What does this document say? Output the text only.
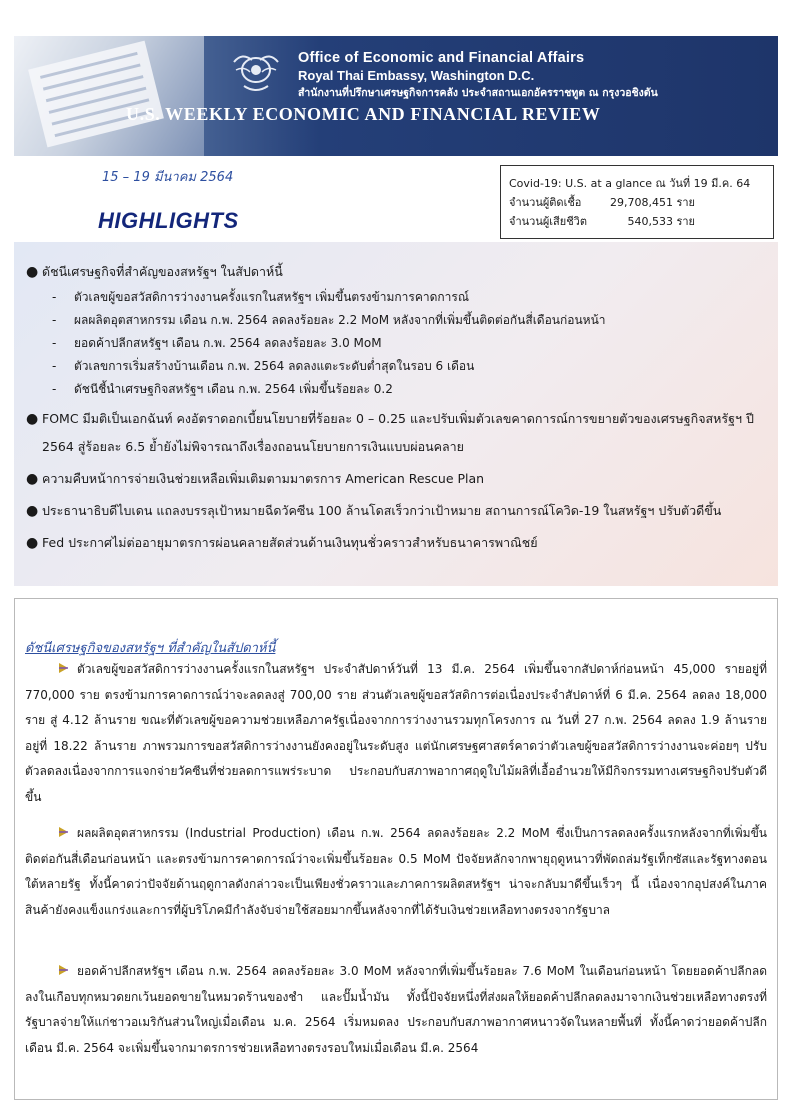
Office of Economic and Financial Affairs
Royal Thai Embassy, Washington D.C.
สำนักงานที่ปรึกษาเศรษฐกิจการคลัง ประจำสถานเอกอัครราชทูต ณ กรุงวอชิงตัน
U.S. WEEKLY ECONOMIC AND FINANCIAL REVIEW
15 – 19 มีนาคม 2564
HIGHLIGHTS
Covid-19: U.S. at a glance ณ วันที่ 19 มี.ค. 64
จำนวนผู้ติดเชื้อ	29,708,451 ราย
จำนวนผู้เสียชีวิต	540,533 ราย
● ดัชนีเศรษฐกิจที่สำคัญของสหรัฐฯ ในสัปดาห์นี้
- ตัวเลขผู้ขอสวัสดิการว่างงานครั้งแรกในสหรัฐฯ เพิ่มขึ้นตรงข้ามการคาดการณ์
- ผลผลิตอุตสาหกรรม เดือน ก.พ. 2564 ลดลงร้อยละ 2.2 MoM หลังจากที่เพิ่มขึ้นติดต่อกันสี่เดือนก่อนหน้า
- ยอดค้าปลีกสหรัฐฯ เดือน ก.พ. 2564 ลดลงร้อยละ 3.0 MoM
- ตัวเลขการเริ่มสร้างบ้านเดือน ก.พ. 2564 ลดลงแตะระดับต่ำสุดในรอบ 6 เดือน
- ดัชนีชี้นำเศรษฐกิจสหรัฐฯ เดือน ก.พ. 2564 เพิ่มขึ้นร้อยละ 0.2
● FOMC มีมติเป็นเอกฉันท์ คงอัตราดอกเบี้ยนโยบายที่ร้อยละ 0 – 0.25 และปรับเพิ่มตัวเลขคาดการณ์การขยายตัวของเศรษฐกิจสหรัฐฯ ปี 2564 สู่ร้อยละ 6.5 ย้ำยังไม่พิจารณาถึงเรื่องถอนนโยบายการเงินแบบผ่อนคลาย
● ความคืบหน้าการจ่ายเงินช่วยเหลือเพิ่มเติมตามมาตรการ American Rescue Plan
● ประธานาธิบดีไบเดน แถลงบรรลุเป้าหมายฉีดวัคซีน 100 ล้านโดสเร็วกว่าเป้าหมาย สถานการณ์โควิด-19 ในสหรัฐฯ ปรับตัวดีขึ้น
● Fed ประกาศไม่ต่ออายุมาตรการผ่อนคลายสัดส่วนด้านเงินทุนชั่วคราวสำหรับธนาคารพาณิชย์
ดัชนีเศรษฐกิจของสหรัฐฯ ที่สำคัญในสัปดาห์นี้
ตัวเลขผู้ขอสวัสดิการว่างงานครั้งแรกในสหรัฐฯ ประจำสัปดาห์วันที่ 13 มี.ค. 2564 เพิ่มขึ้นจากสัปดาห์ก่อนหน้า 45,000 รายอยู่ที่ 770,000 ราย ตรงข้ามการคาดการณ์ว่าจะลดลงสู่ 700,00 ราย ส่วนตัวเลขผู้ขอสวัสดิการต่อเนื่องประจำสัปดาห์ที่ 6 มี.ค. 2564 ลดลง 18,000 ราย สู่ 4.12 ล้านราย ขณะที่ตัวเลขผู้ขอความช่วยเหลือภาครัฐเนื่องจากการว่างงานรวมทุกโครงการ ณ วันที่ 27 ก.พ. 2564 ลดลง 1.9 ล้านราย อยู่ที่ 18.22 ล้านราย ภาพรวมการขอสวัสดิการว่างงานยังคงอยู่ในระดับสูง แต่นักเศรษฐศาสตร์คาดว่าตัวเลขผู้ขอสวัสดิการว่างงานจะค่อยๆ ปรับตัวลดลงเนื่องจากการแจกจ่ายวัคซีนที่ช่วยลดการแพร่ระบาด ประกอบกับสภาพอากาศฤดูใบไม้ผลิที่เอื้ออำนวยให้มีกิจกรรมทางเศรษฐกิจปรับตัวดีขึ้น
ผลผลิตอุตสาหกรรม (Industrial Production) เดือน ก.พ. 2564 ลดลงร้อยละ 2.2 MoM ซึ่งเป็นการลดลงครั้งแรกหลังจากที่เพิ่มขึ้นติดต่อกันสี่เดือนก่อนหน้า และตรงข้ามการคาดการณ์ว่าจะเพิ่มขึ้นร้อยละ 0.5 MoM ปัจจัยหลักจากพายุฤดูหนาวที่พัดถล่มรัฐเท็กซัสและรัฐทางตอนใต้หลายรัฐ ทั้งนี้คาดว่าปัจจัยด้านฤดูกาลดังกล่าวจะเป็นเพียงชั่วคราวและภาคการผลิตสหรัฐฯ น่าจะกลับมาดีขึ้นเร็วๆ นี้ เนื่องจากอุปสงค์ในภาคสินค้ายังคงแข็งแกร่งและการที่ผู้บริโภคมีกำลังจับจ่ายใช้สอยมากขึ้นหลังจากที่ได้รับเงินช่วยเหลือทางตรงจากรัฐบาล
ยอดค้าปลีกสหรัฐฯ เดือน ก.พ. 2564 ลดลงร้อยละ 3.0 MoM หลังจากที่เพิ่มขึ้นร้อยละ 7.6 MoM ในเดือนก่อนหน้า โดยยอดค้าปลีกลดลงในเกือบทุกหมวดยกเว้นยอดขายในหมวดร้านของชำ และปั๊มน้ำมัน ทั้งนี้ปัจจัยหนึ่งที่ส่งผลให้ยอดค้าปลีกลดลงมาจากเงินช่วยเหลือทางตรงที่รัฐบาลจ่ายให้แก่ชาวอเมริกันส่วนใหญ่เมื่อเดือน ม.ค. 2564 เริ่มหมดลง ประกอบกับสภาพอากาศหนาวจัดในหลายพื้นที่ ทั้งนี้คาดว่ายอดค้าปลีกเดือน มี.ค. 2564 จะเพิ่มขึ้นจากมาตรการช่วยเหลือทางตรงรอบใหม่เมื่อเดือน มี.ค. 2564
